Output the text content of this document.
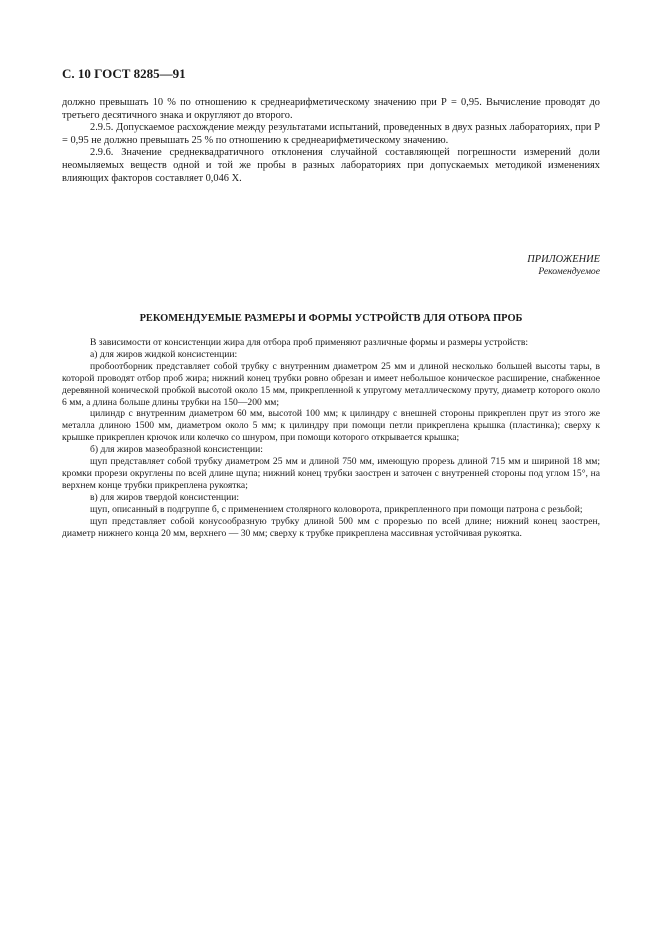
С. 10 ГОСТ 8285—91

должно превышать 10 % по отношению к среднеарифметическому значению при Р = 0,95. Вычисление проводят до третьего десятичного знака и округляют до второго.

2.9.5. Допускаемое расхождение между результатами испытаний, проведенных в двух разных лабораториях, при Р = 0,95 не должно превышать 25 % по отношению к среднеарифметическому значению.

2.9.6. Значение среднеквадратичного отклонения случайной составляющей погрешности измерений доли неомыляемых веществ одной и той же пробы в разных лабораториях при допускаемых методикой изменениях влияющих факторов составляет 0,046 X.

ПРИЛОЖЕНИЕ
Рекомендуемое
РЕКОМЕНДУЕМЫЕ РАЗМЕРЫ И ФОРМЫ УСТРОЙСТВ ДЛЯ ОТБОРА ПРОБ

В зависимости от консистенции жира для отбора проб применяют различные формы и размеры устройств:

а) для жиров жидкой консистенции:

пробоотборник представляет собой трубку с внутренним диаметром 25 мм и длиной несколько большей высоты тары, в которой проводят отбор проб жира; нижний конец трубки ровно обрезан и имеет небольшое коническое расширение, снабженное деревянной конической пробкой высотой около 15 мм, прикрепленной к упругому металлическому пруту, диаметр которого около 6 мм, а длина больше длины трубки на 150—200 мм;

цилиндр с внутренним диаметром 60 мм, высотой 100 мм; к цилиндру с внешней стороны прикреплен прут из этого же металла длиною 1500 мм, диаметром около 5 мм; к цилиндру при помощи петли прикреплена крышка (пластинка); сверху к крышке прикреплен крючок или колечко со шнуром, при помощи которого открывается крышка;

б) для жиров мазеобразной консистенции:

щуп представляет собой трубку диаметром 25 мм и длиной 750 мм, имеющую прорезь длиной 715 мм и шириной 18 мм; кромки прорези округлены по всей длине щупа; нижний конец трубки заострен и заточен с внутренней стороны под углом 15°, на верхнем конце трубки прикреплена рукоятка;

в) для жиров твердой консистенции:

щуп, описанный в подгруппе б, с применением столярного коловорота, прикрепленного при помощи патрона с резьбой;

щуп представляет собой конусообразную трубку длиной 500 мм с прорезью по всей длине; нижний конец заострен, диаметр нижнего конца 20 мм, верхнего — 30 мм; сверху к трубке прикреплена массивная устойчивая рукоятка.
